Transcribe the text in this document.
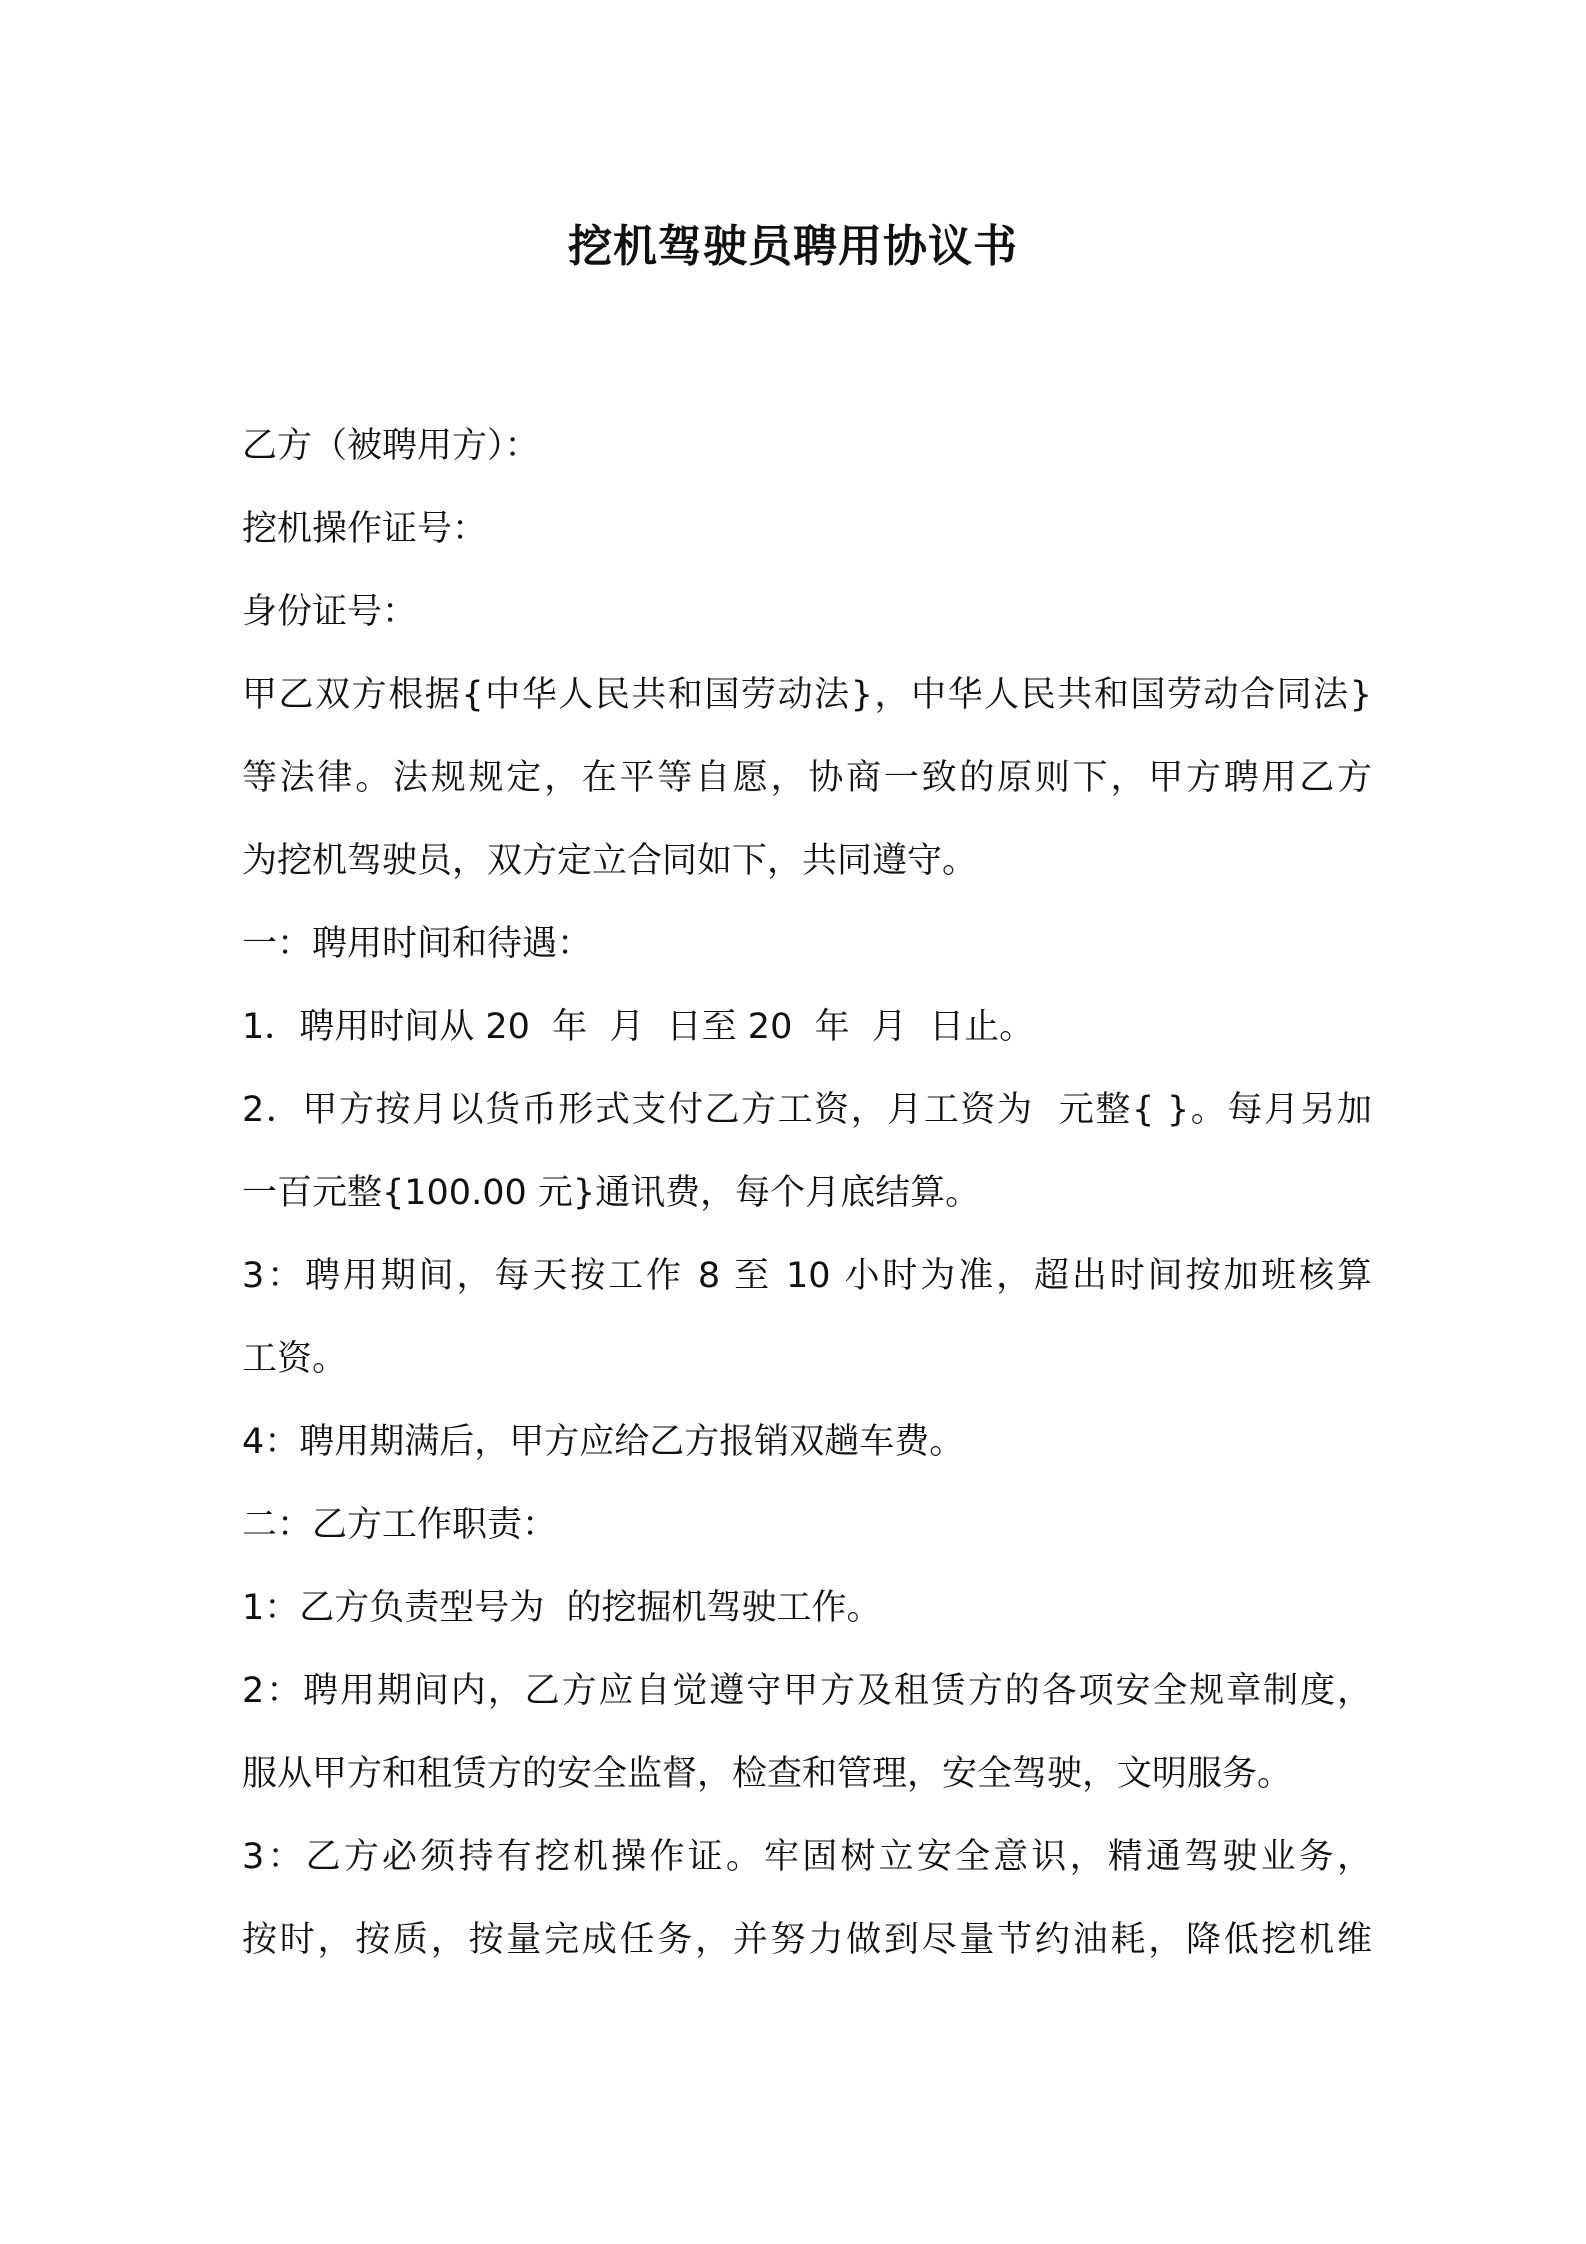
挖机驾驶员聘用协议书

乙方（被聘用方）：

挖机操作证号：

身份证号：

甲乙双方根据{中华人民共和国劳动法}，中华人民共和国劳动合同法}

等法律。法规规定，在平等自愿，协商一致的原则下，甲方聘用乙方

为挖机驾驶员，双方定立合同如下，共同遵守。

一：聘用时间和待遇：

1．聘用时间从 20  年  月  日至 20  年  月  日止。

2．甲方按月以货币形式支付乙方工资，月工资为  元整{ }。每月另加

一百元整{100.00 元}通讯费，每个月底结算。

3：聘用期间，每天按工作 8 至 10 小时为准，超出时间按加班核算

工资。

4：聘用期满后，甲方应给乙方报销双趟车费。

二：乙方工作职责：

1：乙方负责型号为  的挖掘机驾驶工作。

2：聘用期间内，乙方应自觉遵守甲方及租赁方的各项安全规章制度，

服从甲方和租赁方的安全监督，检查和管理，安全驾驶，文明服务。

3：乙方必须持有挖机操作证。牢固树立安全意识，精通驾驶业务，

按时，按质，按量完成任务，并努力做到尽量节约油耗，降低挖机维
